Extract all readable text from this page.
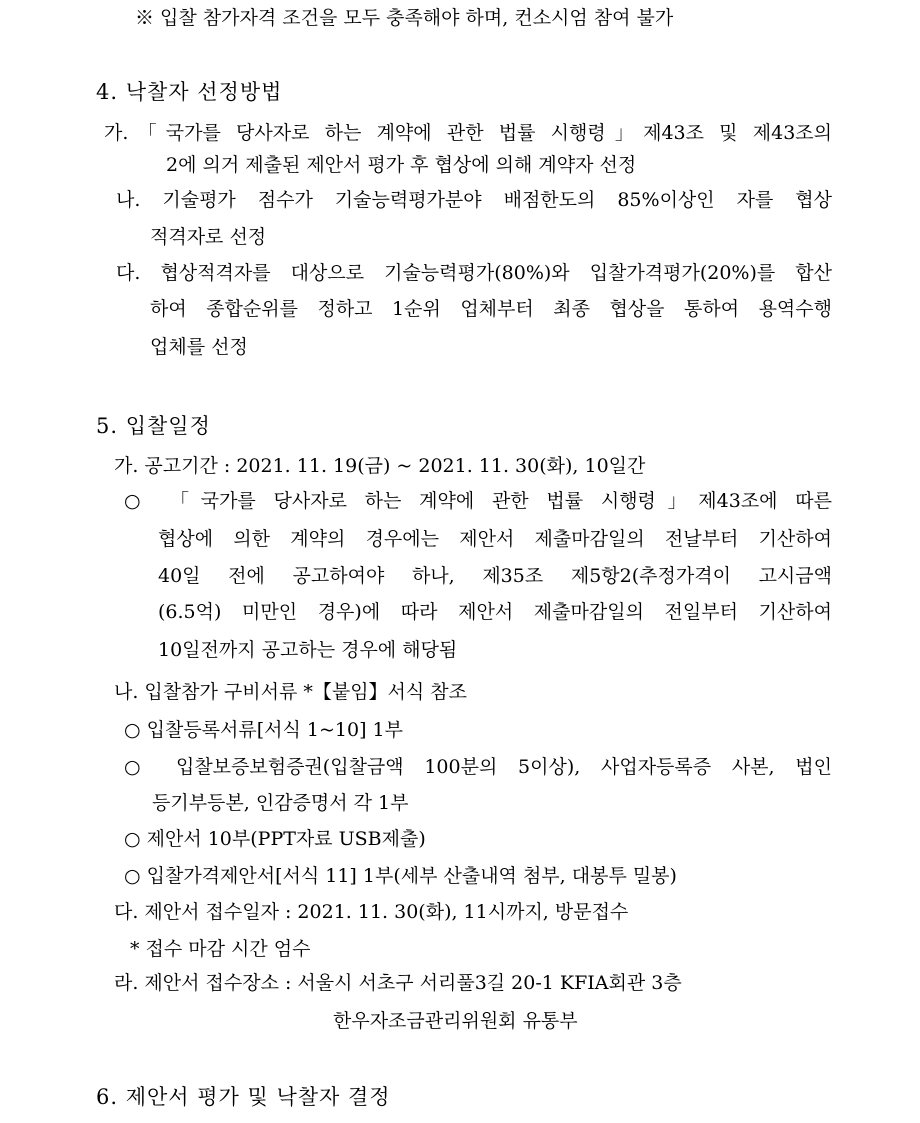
※ 입찰 참가자격 조건을 모두 충족해야 하며, 컨소시엄 참여 불가
4. 낙찰자 선정방법
가.「국가를 당사자로 하는 계약에 관한 법률 시행령」제43조 및 제43조의
2에 의거 제출된 제안서 평가 후 협상에 의해 계약자 선정
나. 기술평가 점수가 기술능력평가분야 배점한도의 85%이상인 자를 협상
적격자로 선정
다. 협상적격자를 대상으로 기술능력평가(80%)와 입찰가격평가(20%)를 합산
하여 종합순위를 정하고 1순위 업체부터 최종 협상을 통하여 용역수행
업체를 선정
5. 입찰일정
가. 공고기간 : 2021. 11. 19(금) ~ 2021. 11. 30(화), 10일간
○ 「국가를 당사자로 하는 계약에 관한 법률 시행령」제43조에 따른
협상에 의한 계약의 경우에는 제안서 제출마감일의 전날부터 기산하여
40일 전에 공고하여야 하나, 제35조 제5항2(추정가격이 고시금액
(6.5억) 미만인 경우)에 따라 제안서 제출마감일의 전일부터 기산하여
10일전까지 공고하는 경우에 해당됨
나. 입찰참가 구비서류 *【붙임】서식 참조
○ 입찰등록서류[서식 1~10] 1부
○ 입찰보증보험증권(입찰금액 100분의 5이상), 사업자등록증 사본, 법인
등기부등본, 인감증명서 각 1부
○ 제안서 10부(PPT자료 USB제출)
○ 입찰가격제안서[서식 11] 1부(세부 산출내역 첨부, 대봉투 밀봉)
다. 제안서 접수일자 : 2021. 11. 30(화), 11시까지, 방문접수
* 접수 마감 시간 엄수
라. 제안서 접수장소 : 서울시 서초구 서리풀3길 20-1 KFIA회관 3층
한우자조금관리위원회 유통부
6. 제안서 평가 및 낙찰자 결정
